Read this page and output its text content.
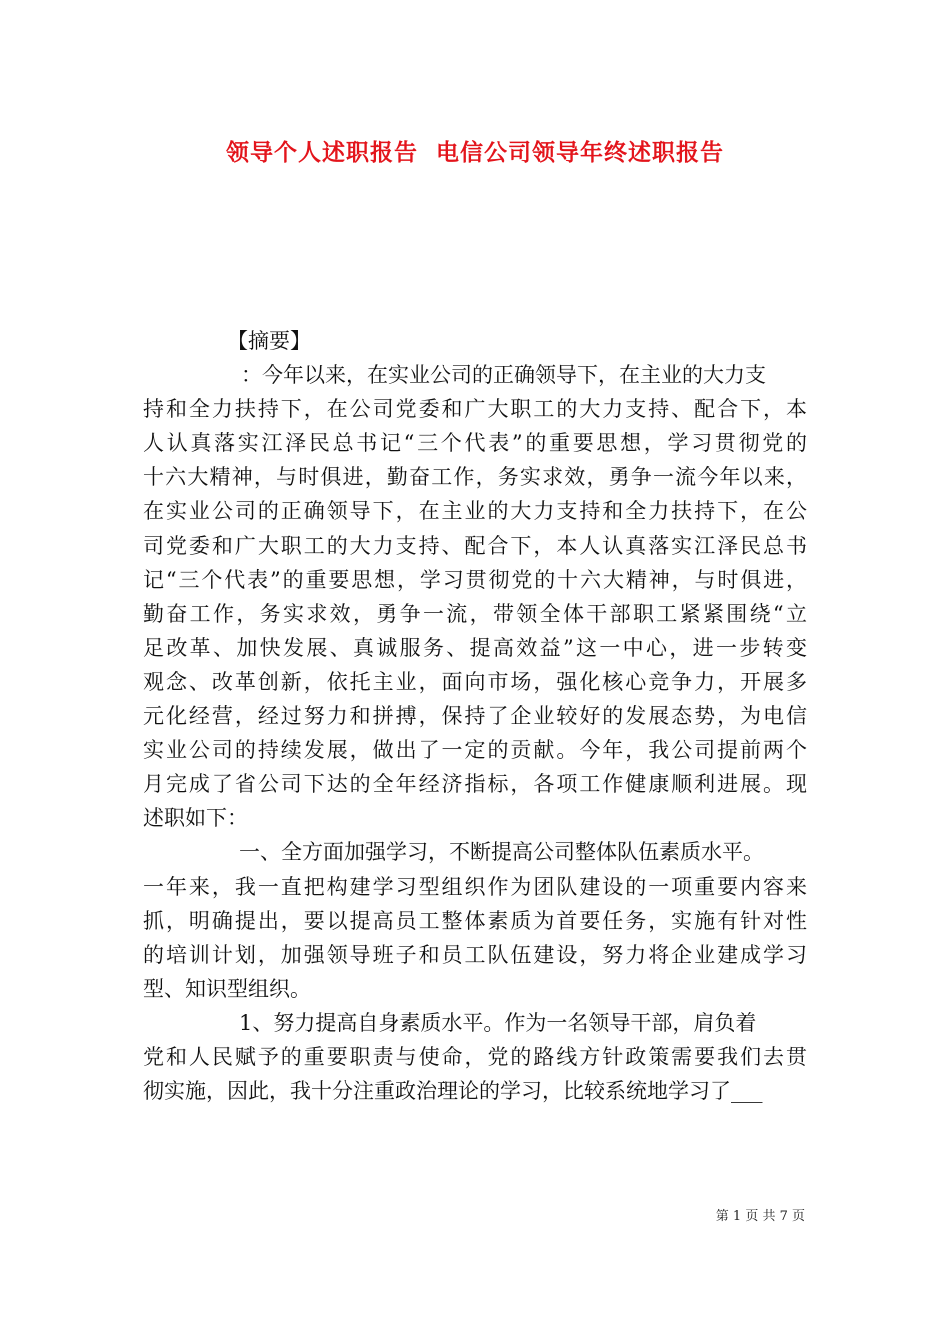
领导个人述职报告  电信公司领导年终述职报告
【摘要】
：今年以来，在实业公司的正确领导下，在主业的大力支
持和全力扶持下，在公司党委和广大职工的大力支持、配合下，本
人认真落实江泽民总书记“三个代表”的重要思想，学习贯彻党的
十六大精神，与时俱进，勤奋工作，务实求效，勇争一流今年以来，
在实业公司的正确领导下，在主业的大力支持和全力扶持下，在公
司党委和广大职工的大力支持、配合下，本人认真落实江泽民总书
记“三个代表”的重要思想，学习贯彻党的十六大精神，与时俱进，
勤奋工作，务实求效，勇争一流，带领全体干部职工紧紧围绕“立
足改革、加快发展、真诚服务、提高效益”这一中心，进一步转变
观念、改革创新，依托主业，面向市场，强化核心竞争力，开展多
元化经营，经过努力和拼搏，保持了企业较好的发展态势，为电信
实业公司的持续发展，做出了一定的贡献。今年，我公司提前两个
月完成了省公司下达的全年经济指标，各项工作健康顺利进展。现
述职如下：
一、全方面加强学习，不断提高公司整体队伍素质水平。
一年来，我一直把构建学习型组织作为团队建设的一项重要内容来
抓，明确提出，要以提高员工整体素质为首要任务，实施有针对性
的培训计划，加强领导班子和员工队伍建设，努力将企业建成学习
型、知识型组织。
1、努力提高自身素质水平。作为一名领导干部，肩负着
党和人民赋予的重要职责与使命，党的路线方针政策需要我们去贯
彻实施，因此，我十分注重政治理论的学习，比较系统地学习了___
第 1 页 共 7 页
